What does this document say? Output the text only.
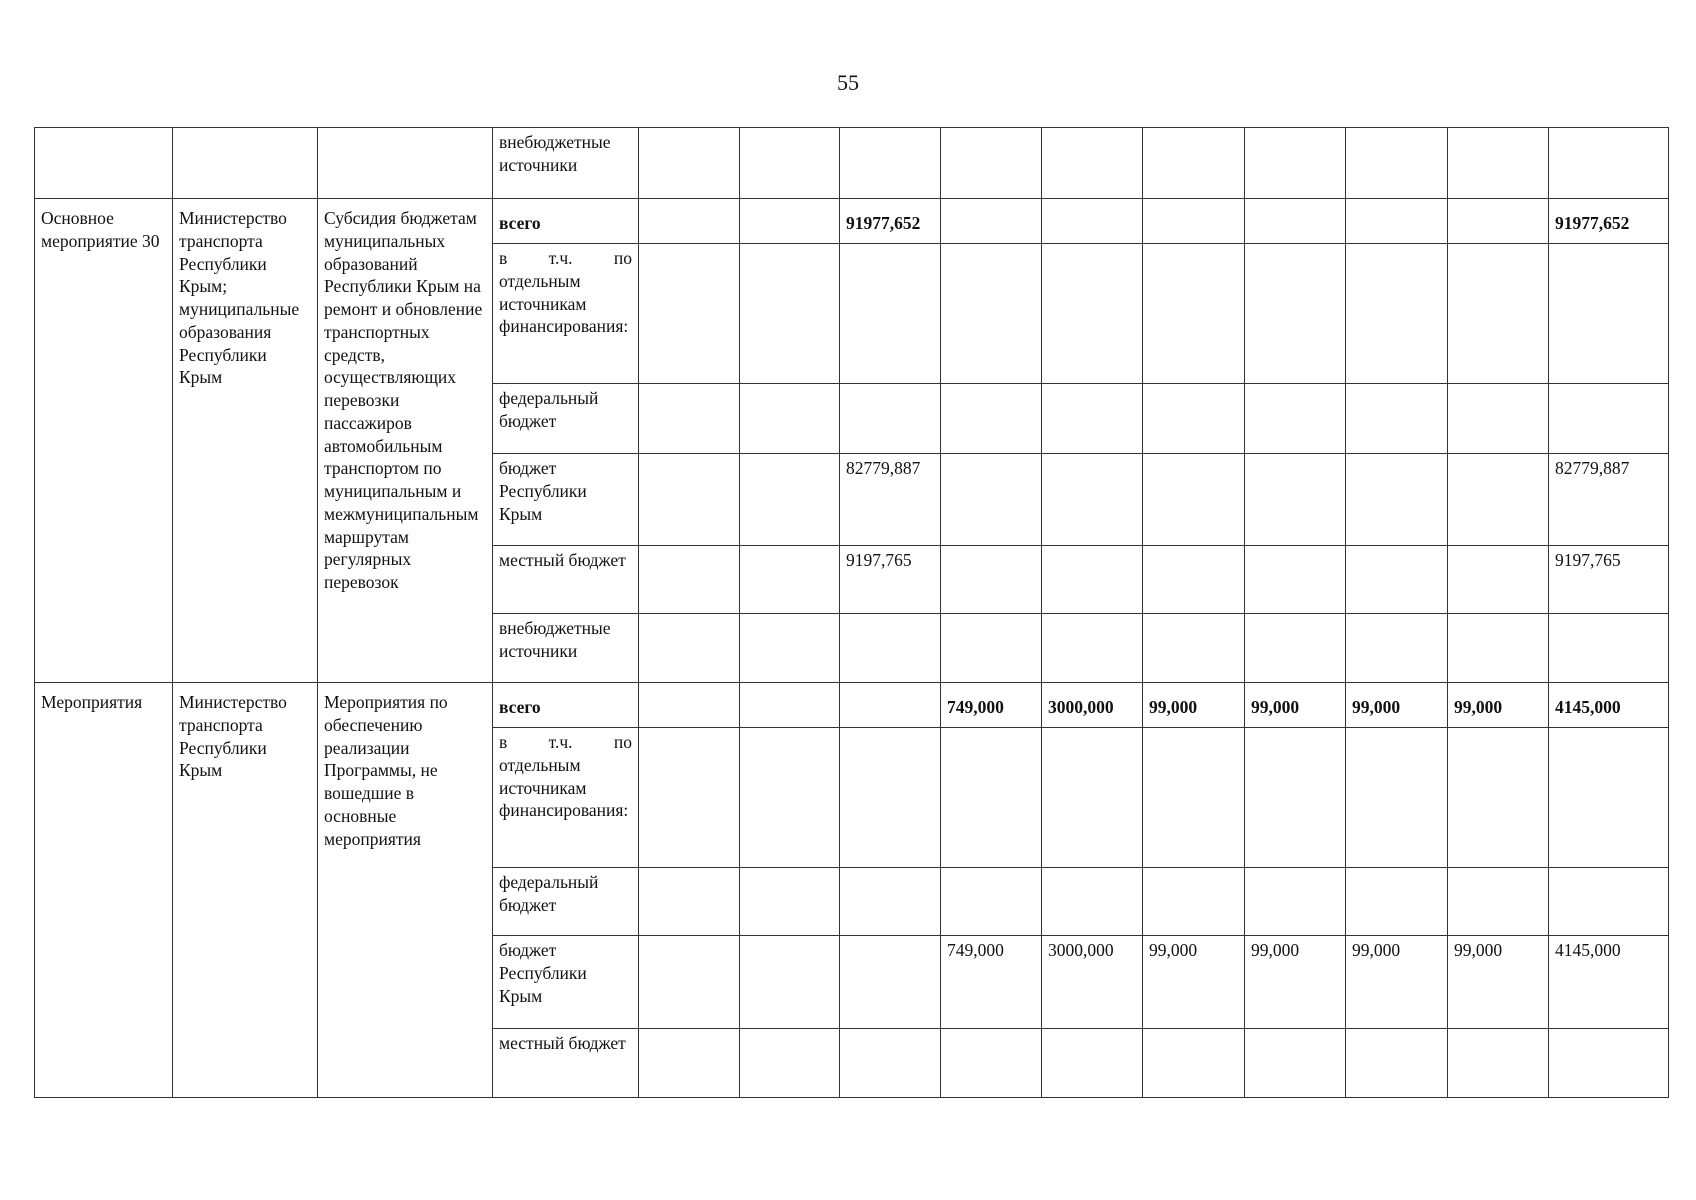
55
			внебюджетные источники										
Основное мероприятие 30	Министерство транспорта Республики Крым; муниципальные образования Республики Крым	Субсидия бюджетам муниципальных образований Республики Крым на ремонт и обновление транспортных средств, осуществляющих перевозки пассажиров автомобильным транспортом по муниципальным и межмуниципальным маршрутам регулярных перевозок	всего			91977,652							91977,652

			в т.ч. по
отдельным источникам финансирования:										

			федеральный бюджет										
			бюджет Республики Крым			82779,887							82779,887
			местный бюджет			9197,765							9197,765
			внебюджетные источники										
Мероприятия	Министерство транспорта Республики Крым	Мероприятия по обеспечению реализации Программы, не вошедшие в основные мероприятия	всего				749,000	3000,000	99,000	99,000	99,000	99,000	4145,000

			в т.ч. по
отдельным источникам финансирования:										

			федеральный бюджет										
			бюджет Республики Крым				749,000	3000,000	99,000	99,000	99,000	99,000	4145,000
			местный бюджет										
